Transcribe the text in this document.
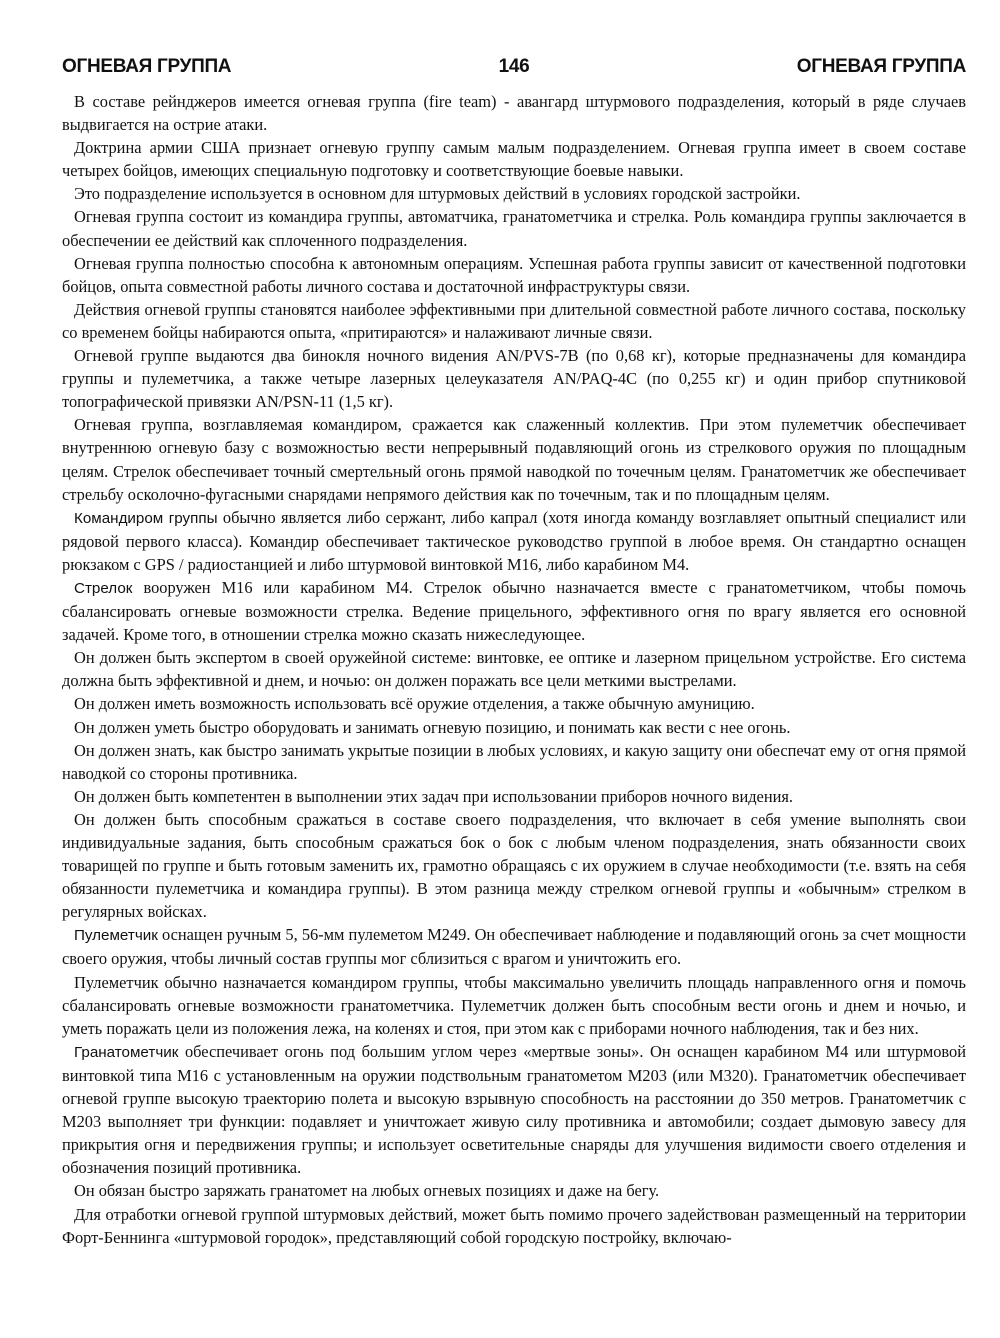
ОГНЕВАЯ ГРУППА	146	ОГНЕВАЯ ГРУППА

В составе рейнджеров имеется огневая группа (fire team) - авангард штурмового подразделения, который в ряде случаев выдвигается на острие атаки.

Доктрина армии США признает огневую группу самым малым подразделением. Огневая группа имеет в своем составе четырех бойцов, имеющих специальную подготовку и соответствующие боевые навыки.

Это подразделение используется в основном для штурмовых действий в условиях городской застройки.

Огневая группа состоит из командира группы, автоматчика, гранатометчика и стрелка. Роль командира группы заключается в обеспечении ее действий как сплоченного подразделения.

Огневая группа полностью способна к автономным операциям. Успешная работа группы зависит от качественной подготовки бойцов, опыта совместной работы личного состава и достаточной инфраструктуры связи.

Действия огневой группы становятся наиболее эффективными при длительной совместной работе личного состава, поскольку со временем бойцы набираются опыта, «притираются» и налаживают личные связи.

Огневой группе выдаются два бинокля ночного видения AN/PVS-7B (по 0,68 кг), которые предназначены для командира группы и пулеметчика, а также четыре лазерных целеуказателя AN/PAQ-4C (по 0,255 кг) и один прибор спутниковой топографической привязки AN/PSN-11 (1,5 кг).

Огневая группа, возглавляемая командиром, сражается как слаженный коллектив. При этом пулеметчик обеспечивает внутреннюю огневую базу с возможностью вести непрерывный подавляющий огонь из стрелкового оружия по площадным целям. Стрелок обеспечивает точный смертельный огонь прямой наводкой по точечным целям. Гранатометчик же обеспечивает стрельбу осколочно-фугасными снарядами непрямого действия как по точечным, так и по площадным целям.

Командиром группы обычно является либо сержант, либо капрал (хотя иногда команду возглавляет опытный специалист или рядовой первого класса). Командир обеспечивает тактическое руководство группой в любое время. Он стандартно оснащен рюкзаком с GPS / радиостанцией и либо штурмовой винтовкой M16, либо карабином M4.

Стрелок вооружен M16 или карабином M4. Стрелок обычно назначается вместе с гранатометчиком, чтобы помочь сбалансировать огневые возможности стрелка. Ведение прицельного, эффективного огня по врагу является его основной задачей. Кроме того, в отношении стрелка можно сказать нижеследующее.

Он должен быть экспертом в своей оружейной системе: винтовке, ее оптике и лазерном прицельном устройстве. Его система должна быть эффективной и днем, и ночью: он должен поражать все цели меткими выстрелами.

Он должен иметь возможность использовать всё оружие отделения, а также обычную амуницию.

Он должен уметь быстро оборудовать и занимать огневую позицию, и понимать как вести с нее огонь.

Он должен знать, как быстро занимать укрытые позиции в любых условиях, и какую защиту они обеспечат ему от огня прямой наводкой со стороны противника.

Он должен быть компетентен в выполнении этих задач при использовании приборов ночного видения.

Он должен быть способным сражаться в составе своего подразделения, что включает в себя умение выполнять свои индивидуальные задания, быть способным сражаться бок о бок с любым членом подразделения, знать обязанности своих товарищей по группе и быть готовым заменить их, грамотно обращаясь с их оружием в случае необходимости (т.е. взять на себя обязанности пулеметчика и командира группы). В этом разница между стрелком огневой группы и «обычным» стрелком в регулярных войсках.

Пулеметчик оснащен ручным 5, 56-мм пулеметом M249. Он обеспечивает наблюдение и подавляющий огонь за счет мощности своего оружия, чтобы личный состав группы мог сблизиться с врагом и уничтожить его.

Пулеметчик обычно назначается командиром группы, чтобы максимально увеличить площадь направленного огня и помочь сбалансировать огневые возможности гранатометчика. Пулеметчик должен быть способным вести огонь и днем и ночью, и уметь поражать цели из положения лежа, на коленях и стоя, при этом как с приборами ночного наблюдения, так и без них.

Гранатометчик обеспечивает огонь под большим углом через «мертвые зоны». Он оснащен карабином M4 или штурмовой винтовкой типа M16 с установленным на оружии подствольным гранатометом M203 (или M320). Гранатометчик обеспечивает огневой группе высокую траекторию полета и высокую взрывную способность на расстоянии до 350 метров. Гранатометчик с M203 выполняет три функции: подавляет и уничтожает живую силу противника и автомобили; создает дымовую завесу для прикрытия огня и передвижения группы; и использует осветительные снаряды для улучшения видимости своего отделения и обозначения позиций противника.

Он обязан быстро заряжать гранатомет на любых огневых позициях и даже на бегу.

Для отработки огневой группой штурмовых действий, может быть помимо прочего задействован размещенный на территории Форт-Беннинга «штурмовой городок», представляющий собой городскую постройку, включаю-
